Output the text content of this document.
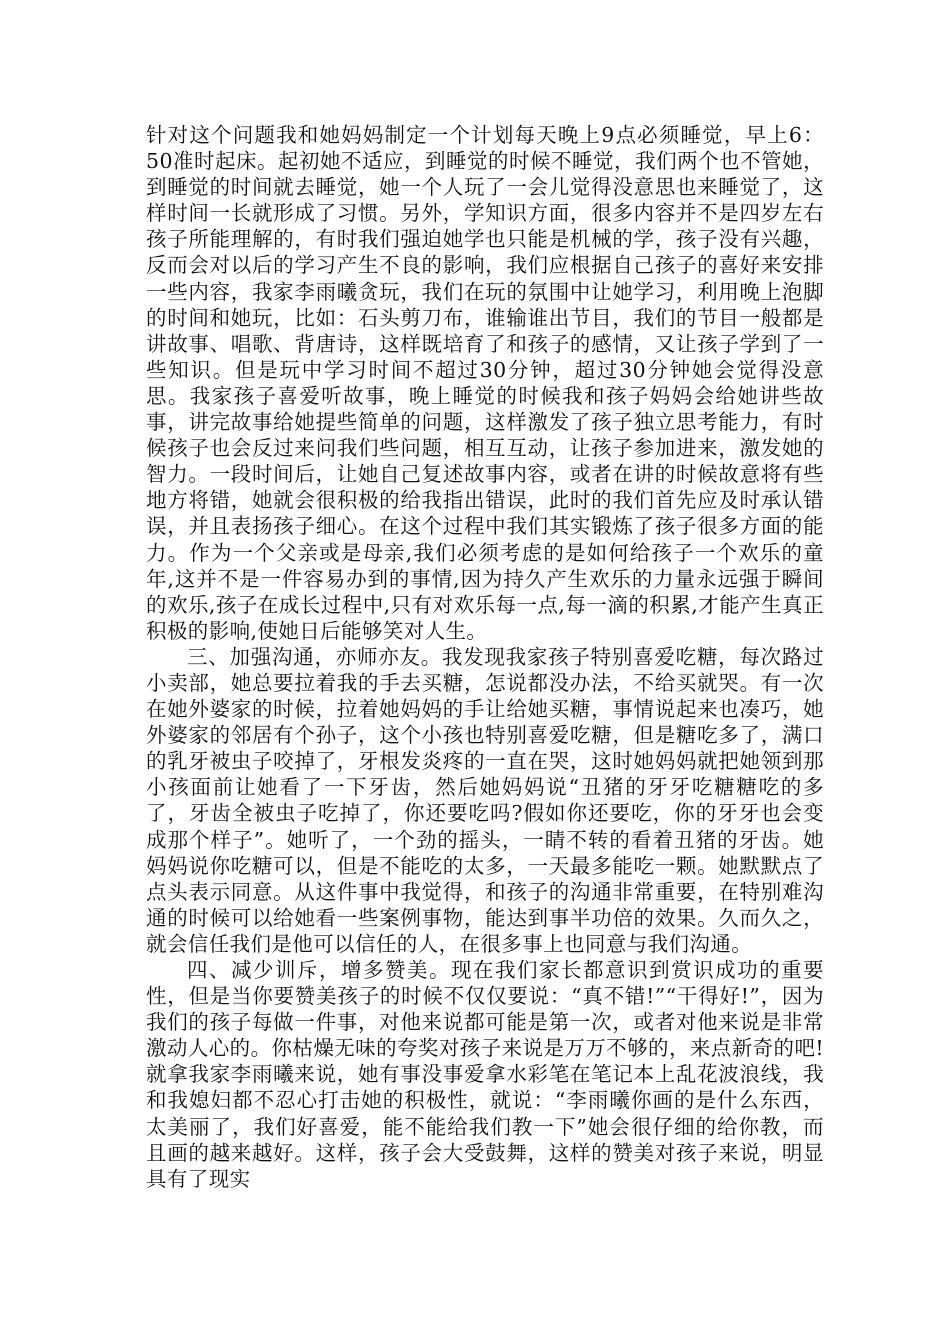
针对这个问题我和她妈妈制定一个计划每天晚上9点必须睡觉，早上6：50准时起床。起初她不适应，到睡觉的时候不睡觉，我们两个也不管她，到睡觉的时间就去睡觉，她一个人玩了一会儿觉得没意思也来睡觉了，这样时间一长就形成了习惯。另外，学知识方面，很多内容并不是四岁左右孩子所能理解的，有时我们强迫她学也只能是机械的学，孩子没有兴趣，反而会对以后的学习产生不良的影响，我们应根据自己孩子的喜好来安排一些内容，我家李雨曦贪玩，我们在玩的氛围中让她学习，利用晚上泡脚的时间和她玩，比如：石头剪刀布，谁输谁出节目，我们的节目一般都是讲故事、唱歌、背唐诗，这样既培育了和孩子的感情，又让孩子学到了一些知识。但是玩中学习时间不超过30分钟，超过30分钟她会觉得没意思。我家孩子喜爱听故事，晚上睡觉的时候我和孩子妈妈会给她讲些故事，讲完故事给她提些简单的问题，这样激发了孩子独立思考能力，有时候孩子也会反过来问我们些问题，相互互动，让孩子参加进来，激发她的智力。一段时间后，让她自己复述故事内容，或者在讲的时候故意将有些地方将错，她就会很积极的给我指出错误，此时的我们首先应及时承认错误，并且表扬孩子细心。在这个过程中我们其实锻炼了孩子很多方面的能力。作为一个父亲或是母亲,我们必须考虑的是如何给孩子一个欢乐的童年,这并不是一件容易办到的事情,因为持久产生欢乐的力量永远强于瞬间的欢乐,孩子在成长过程中,只有对欢乐每一点,每一滴的积累,才能产生真正积极的影响,使她日后能够笑对人生。

三、加强沟通，亦师亦友。我发现我家孩子特别喜爱吃糖，每次路过小卖部，她总要拉着我的手去买糖，怎说都没办法，不给买就哭。有一次在她外婆家的时候，拉着她妈妈的手让给她买糖，事情说起来也凑巧，她外婆家的邻居有个孙子，这个小孩也特别喜爱吃糖，但是糖吃多了，满口的乳牙被虫子咬掉了，牙根发炎疼的一直在哭，这时她妈妈就把她领到那小孩面前让她看了一下牙齿，然后她妈妈说“丑猪的牙牙吃糖糖吃的多了，牙齿全被虫子吃掉了，你还要吃吗?假如你还要吃，你的牙牙也会变成那个样子”。她听了，一个劲的摇头，一睛不转的看着丑猪的牙齿。她妈妈说你吃糖可以，但是不能吃的太多，一天最多能吃一颗。她默默点了点头表示同意。从这件事中我觉得，和孩子的沟通非常重要，在特别难沟通的时候可以给她看一些案例事物，能达到事半功倍的效果。久而久之，就会信任我们是他可以信任的人，在很多事上也同意与我们沟通。

四、减少训斥，增多赞美。现在我们家长都意识到赏识成功的重要性，但是当你要赞美孩子的时候不仅仅要说：“真不错!”“干得好!”，因为我们的孩子每做一件事，对他来说都可能是第一次，或者对他来说是非常激动人心的。你枯燥无味的夸奖对孩子来说是万万不够的，来点新奇的吧!就拿我家李雨曦来说，她有事没事爱拿水彩笔在笔记本上乱花波浪线，我和我媳妇都不忍心打击她的积极性，就说：“李雨曦你画的是什么东西，太美丽了，我们好喜爱，能不能给我们教一下”她会很仔细的给你教，而且画的越来越好。这样，孩子会大受鼓舞，这样的赞美对孩子来说，明显具有了现实
